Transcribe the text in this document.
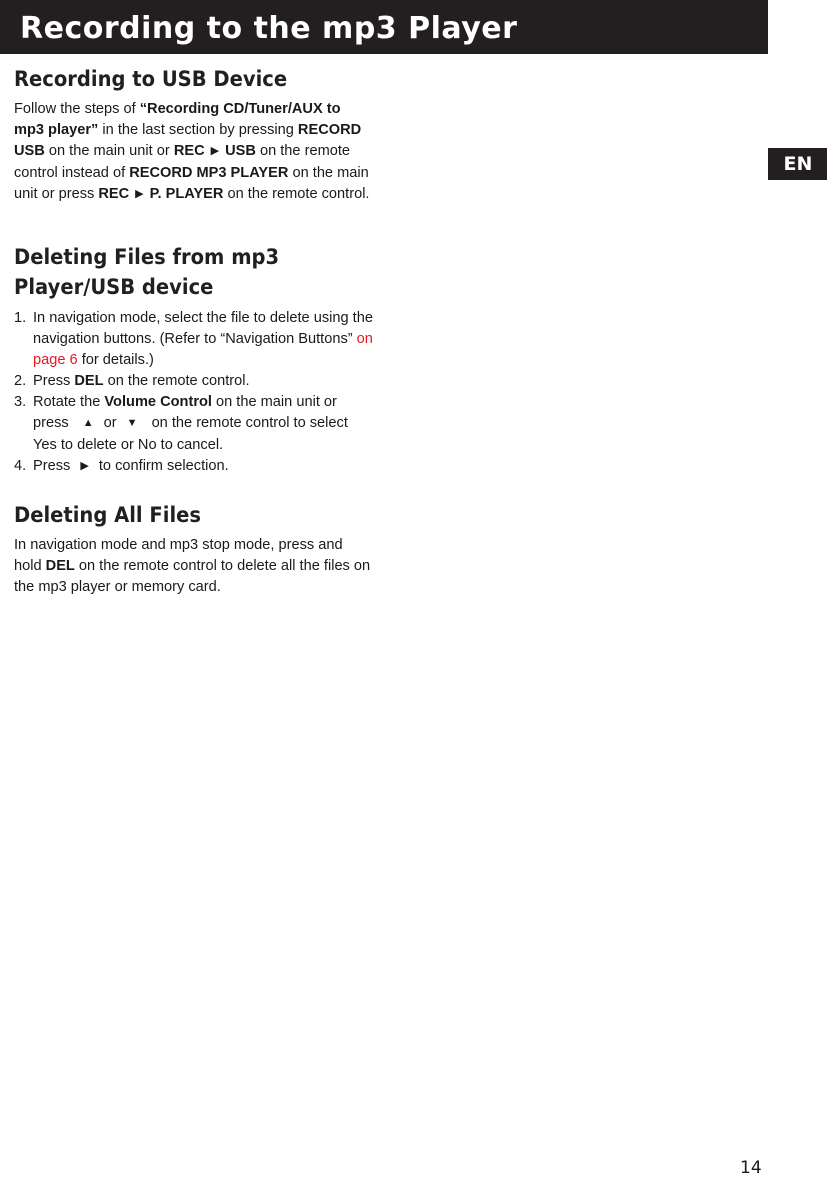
Recording to the mp3 Player
EN
Recording to USB Device

Follow the steps of “Recording CD/Tuner/AUX to mp3 player” in the last section by pressing RECORD USB on the main unit or REC ▶ USB on the remote control instead of RECORD MP3 PLAYER on the main unit or press REC ▶ P. PLAYER on the remote control.

Deleting Files from mp3
Player/USB device
1. In navigation mode, select the file to delete using the navigation buttons. (Refer to “Navigation Buttons” on page 6 for details.)
2. Press DEL on the remote control.
3. Rotate the Volume Control on the main unit or press ▲ or ▼ on the remote control to select Yes to delete or No to cancel.
4. Press ▶ to confirm selection.
Deleting All Files

In navigation mode and mp3 stop mode, press and hold DEL on the remote control to delete all the files on the mp3 player or memory card.

14
